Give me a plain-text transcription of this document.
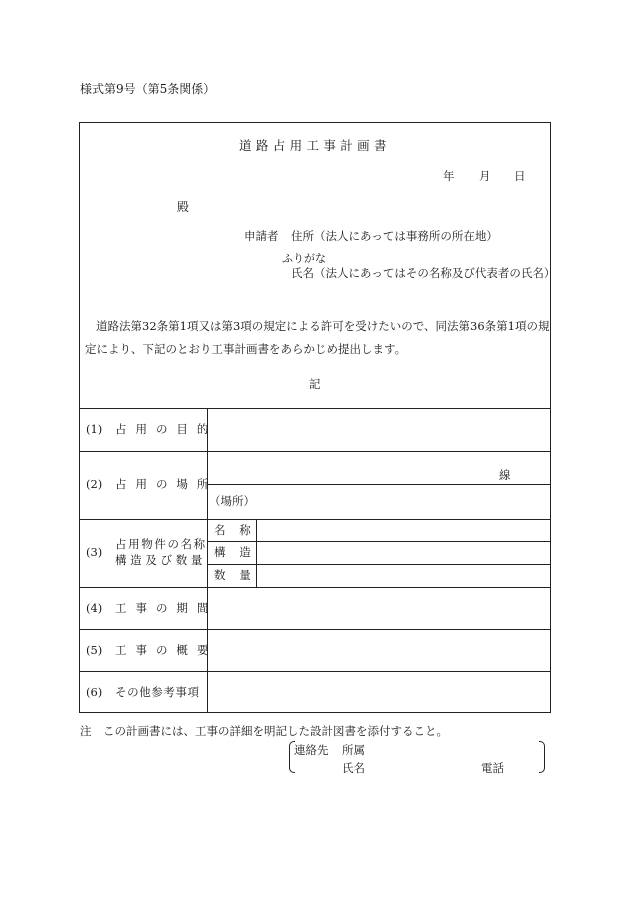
様式第9号（第5条関係）
道路占用工事計画書
年 月 日
殿
申請者 住所（法人にあっては事務所の所在地）
ふりがな
氏名（法人にあってはその名称及び代表者の氏名）
道路法第32条第1項又は第3項の規定による許可を受けたいので、同法第36条第1項の規
定により、下記のとおり工事計画書をあらかじめ提出します。
記
(1) 占用の目的
(2) 占用の場所
線
（場所）
(3)
占用物件の名称
構造及び数量
名称
構造
数量
(4) 工事の期間
(5) 工事の概要
(6) その他参考事項
注　この計画書には、工事の詳細を明記した設計図書を添付すること。
連絡先 所属
氏名	電話
